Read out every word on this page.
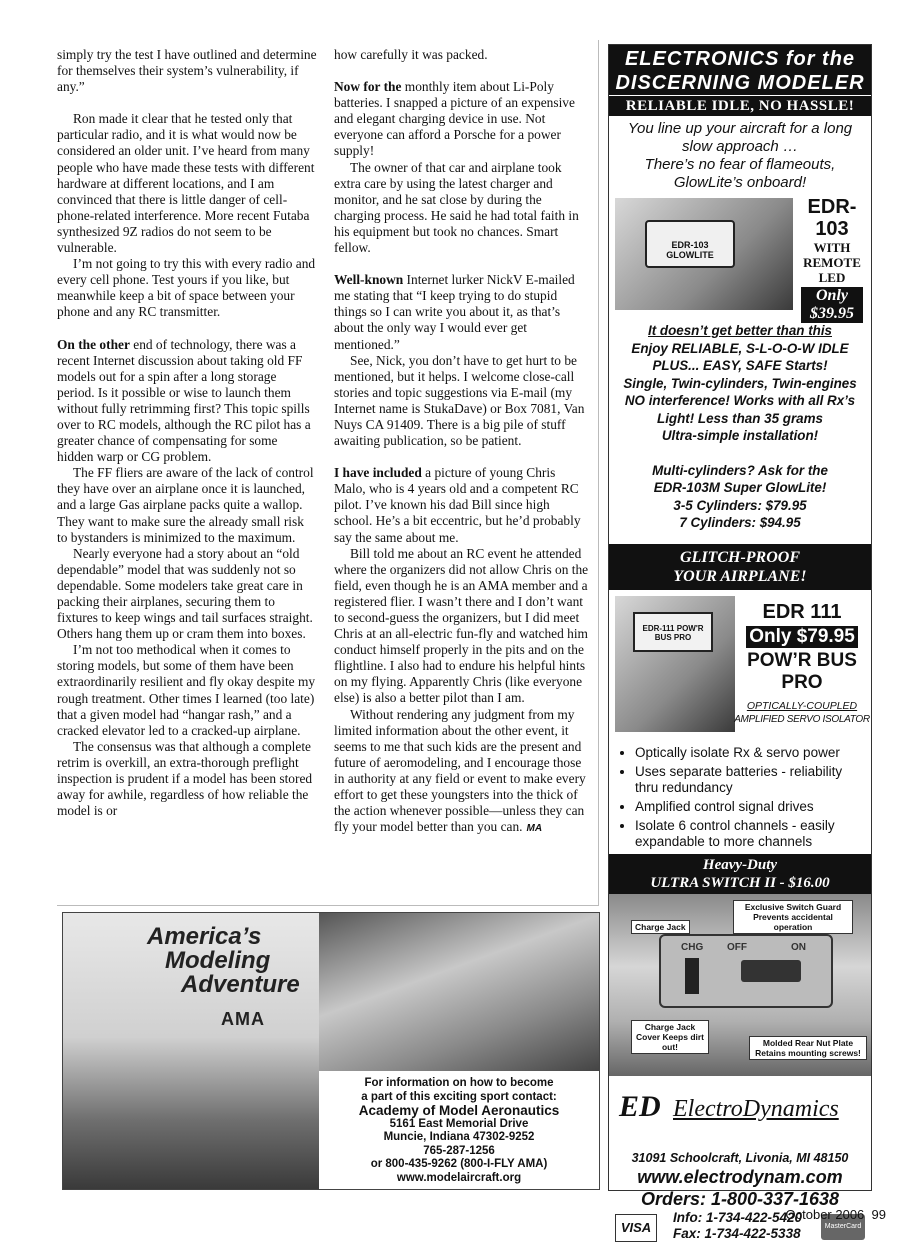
simply try the test I have outlined and determine for themselves their system’s vulnerability, if any.”

Ron made it clear that he tested only that particular radio, and it is what would now be considered an older unit. I’ve heard from many people who have made these tests with different hardware at different locations, and I am convinced that there is little danger of cell-phone-related interference. More recent Futaba synthesized 9Z radios do not seem to be vulnerable.

I’m not going to try this with every radio and every cell phone. Test yours if you like, but meanwhile keep a bit of space between your phone and any RC transmitter.

On the other end of technology, there was a recent Internet discussion about taking old FF models out for a spin after a long storage period. Is it possible or wise to launch them without fully retrimming first? This topic spills over to RC models, although the RC pilot has a greater chance of compensating for some hidden warp or CG problem.

The FF fliers are aware of the lack of control they have over an airplane once it is launched, and a large Gas airplane packs quite a wallop. They want to make sure the already small risk to bystanders is minimized to the maximum.

Nearly everyone had a story about an “old dependable” model that was suddenly not so dependable. Some modelers take great care in packing their airplanes, securing them to fixtures to keep wings and tail surfaces straight. Others hang them up or cram them into boxes.

I’m not too methodical when it comes to storing models, but some of them have been extraordinarily resilient and fly okay despite my rough treatment. Other times I learned (too late) that a given model had “hangar rash,” and a cracked elevator led to a cracked-up airplane.

The consensus was that although a complete retrim is overkill, an extra-thorough preflight inspection is prudent if a model has been stored away for awhile, regardless of how reliable the model is or

how carefully it was packed.

Now for the monthly item about Li-Poly batteries. I snapped a picture of an expensive and elegant charging device in use. Not everyone can afford a Porsche for a power supply!

The owner of that car and airplane took extra care by using the latest charger and monitor, and he sat close by during the charging process. He said he had total faith in his equipment but took no chances. Smart fellow.

Well-known Internet lurker NickV E-mailed me stating that “I keep trying to do stupid things so I can write you about it, as that’s about the only way I would ever get mentioned.”

See, Nick, you don’t have to get hurt to be mentioned, but it helps. I welcome close-call stories and topic suggestions via E-mail (my Internet name is StukaDave) or Box 7081, Van Nuys CA 91409. There is a big pile of stuff awaiting publication, so be patient.

I have included a picture of young Chris Malo, who is 4 years old and a competent RC pilot. I’ve known his dad Bill since high school. He’s a bit eccentric, but he’d probably say the same about me.

Bill told me about an RC event he attended where the organizers did not allow Chris on the field, even though he is an AMA member and a registered flier. I wasn’t there and I don’t want to second-guess the organizers, but I did meet Chris at an all-electric fun-fly and watched him conduct himself properly in the pits and on the flightline. I also had to endure his helpful hints on my flying. Apparently Chris (like everyone else) is also a better pilot than I am.

Without rendering any judgment from my limited information about the other event, it seems to me that such kids are the present and future of aeromodeling, and I encourage those in authority at any field or event to make every effort to get these youngsters into the thick of the action whenever possible—unless they can fly your model better than you can. MA

ELECTRONICS for the
DISCERNING MODELER
RELIABLE IDLE, NO HASSLE!
You line up your aircraft for a long
slow approach …
There’s no fear of flameouts,
GlowLite’s onboard!
EDR-103 GLOWLITE
EDR-103
WITH
REMOTE
LED
Only
$39.95
It doesn’t get better than this
Enjoy RELIABLE, S-L-O-O-W IDLE
PLUS... EASY, SAFE Starts!
Single, Twin-cylinders, Twin-engines
NO interference! Works with all Rx’s
Light! Less than 35 grams
Ultra-simple installation!
Multi-cylinders? Ask for the
EDR-103M Super GlowLite!
3-5 Cylinders: $79.95
7 Cylinders: $94.95
GLITCH-PROOF
YOUR AIRPLANE!
EDR-111 POW'R BUS PRO
EDR 111
Only $79.95
POW’R BUS
PRO
OPTICALLY-COUPLED
AMPLIFIED SERVO ISOLATOR
• Optically isolate Rx & servo power
• Uses separate batteries - reliability thru redundancy
• Amplified control signal drives
• Isolate 6 control channels - easily expandable to more channels
Heavy-Duty
ULTRA SWITCH II - $16.00
CHG OFF	ON
Charge Jack
Exclusive Switch Guard Prevents accidental operation
Charge Jack Cover Keeps dirt out!	Molded Rear Nut Plate Retains mounting screws!
ED ElectroDynamics
31091 Schoolcraft, Livonia, MI 48150
www.electrodynam.com
Orders: 1-800-337-1638
VISA
Info: 1-734-422-5420
Fax: 1-734-422-5338	MasterCard
America’s
Modeling
Adventure
AMA
For information on how to become
a part of this exciting sport contact:
Academy of Model Aeronautics
5161 East Memorial Drive
Muncie, Indiana 47302-9252
765-287-1256
or 800-435-9262 (800-I-FLY AMA)
www.modelaircraft.org
October 2006 99
